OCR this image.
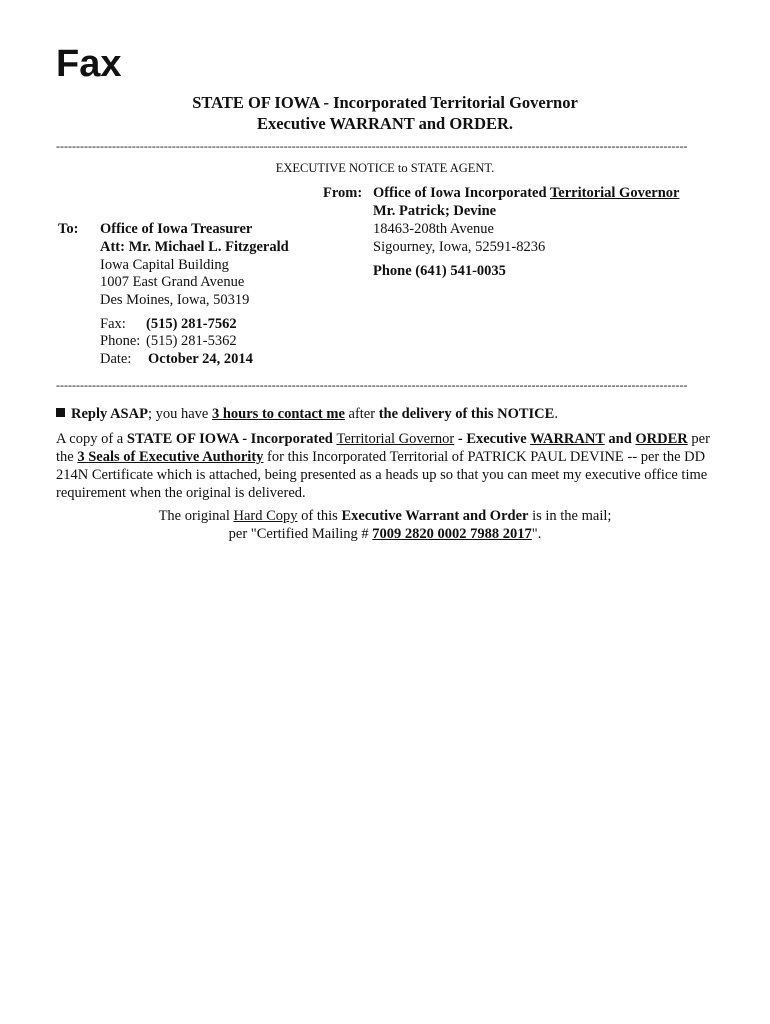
Fax
STATE OF IOWA - Incorporated Territorial Governor
Executive WARRANT and ORDER.
--------------------------------------------------------------------------------------------------------------------------------------------------------------
EXECUTIVE NOTICE to STATE AGENT.
From: Office of Iowa Incorporated Territorial Governor
Mr. Patrick; Devine
18463-208th Avenue
Sigourney, Iowa, 52591-8236
Phone (641) 541-0035
To: Office of Iowa Treasurer
Att: Mr. Michael L. Fitzgerald
Iowa Capital Building
1007 East Grand Avenue
Des Moines, Iowa, 50319
Fax: (515) 281-7562
Phone: (515) 281-5362
Date: October 24, 2014
--------------------------------------------------------------------------------------------------------------------------------------------------------------
Reply ASAP; you have 3 hours to contact me after the delivery of this NOTICE.
A copy of a STATE OF IOWA - Incorporated Territorial Governor - Executive WARRANT and ORDER per the 3 Seals of Executive Authority for this Incorporated Territorial of PATRICK PAUL DEVINE -- per the DD 214N Certificate which is attached, being presented as a heads up so that you can meet my executive office time requirement when the original is delivered.
The original Hard Copy of this Executive Warrant and Order is in the mail;
per "Certified Mailing # 7009 2820 0002 7988 2017".
